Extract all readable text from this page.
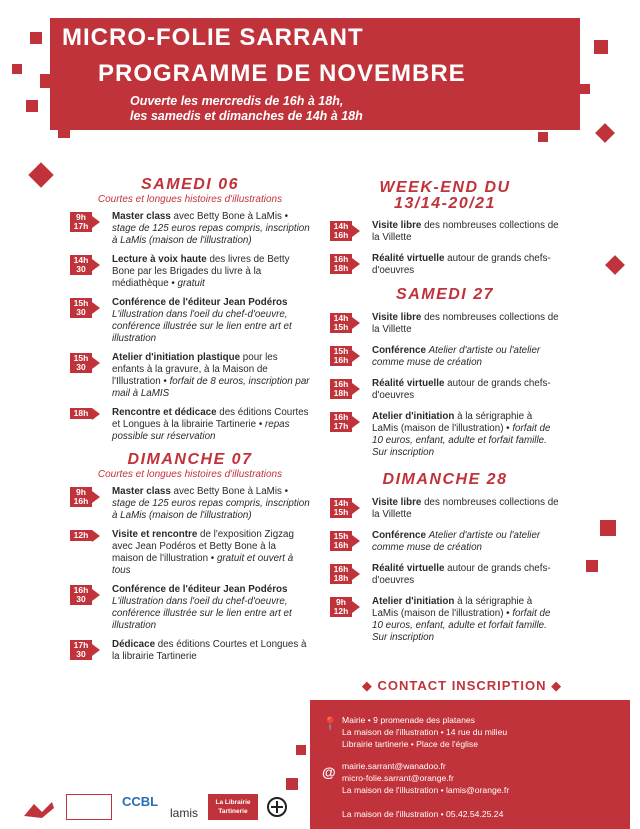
MICRO-FOLIE SARRANT
PROGRAMME DE NOVEMBRE
Ouverte les mercredis de 16h à 18h,
les samedis et dimanches de 14h à 18h
SAMEDI 06
Courtes et longues histoires d'illustrations
9h
17h
Master class avec Betty Bone à LaMis • stage de 125 euros repas compris, inscription à LaMis (maison de l'illustration)
14h
30
Lecture à voix haute des livres de Betty Bone par les Brigades du livre à la médiathèque • gratuit
15h
30
Conférence de l'éditeur Jean Podéros L'illustration dans l'oeil du chef-d'oeuvre, conférence illustrée sur le lien entre art et illustration
15h
30
Atelier d'initiation plastique pour les enfants à la gravure, à la Maison de l'Illustration • forfait de 8 euros, inscription par mail à LaMIS
18h	Rencontre et dédicace des éditions Courtes et Longues à la librairie Tartinerie • repas possible sur réservation
DIMANCHE 07
Courtes et longues histoires d'illustrations
9h
16h
Master class avec Betty Bone à LaMis • stage de 125 euros repas compris, inscription à LaMis (maison de l'illustration)
12h	Visite et rencontre de l'exposition Zigzag avec Jean Podéros et Betty Bone à la maison de l'illustration • gratuit et ouvert à tous
16h
30
Conférence de l'éditeur Jean Podéros L'illustration dans l'oeil du chef-d'oeuvre, conférence illustrée sur le lien entre art et illustration
17h
30
Dédicace des éditions Courtes et Longues à la librairie Tartinerie
WEEK-END DU
13/14-20/21
14h
16h
Visite libre des nombreuses collections de la Villette
16h
18h
Réalité virtuelle autour de grands chefs-d'oeuvres
SAMEDI 27
14h
15h
Visite libre des nombreuses collections de la Villette
15h
16h
Conférence Atelier d'artiste ou l'atelier comme muse de création
16h
18h
Réalité virtuelle autour de grands chefs-d'oeuvres
16h
17h
Atelier d'initiation à la sérigraphie à LaMis (maison de l'illustration) • forfait de 10 euros, enfant, adulte et forfait famille. Sur inscription
DIMANCHE 28
14h
15h
Visite libre des nombreuses collections de la Villette
15h
16h
Conférence Atelier d'artiste ou l'atelier comme muse de création
16h
18h
Réalité virtuelle autour de grands chefs-d'oeuvres
9h
12h
Atelier d'initiation à la sérigraphie à LaMis (maison de l'illustration) • forfait de 10 euros, enfant, adulte et forfait famille. Sur inscription
◆ CONTACT INSCRIPTION ◆
📍 Mairie • 9 promenade des platanes
La maison de l'illustration • 14 rue du milieu
Librairie tartinerie • Place de l'église
@ mairie.sarrant@wanadoo.fr
micro-folie.sarrant@orange.fr
La maison de l'illustration • lamis@orange.fr
La maison de l'illustration • 05.42.54.25.24
CCBL
lamis
La Librairie
Tartinerie
